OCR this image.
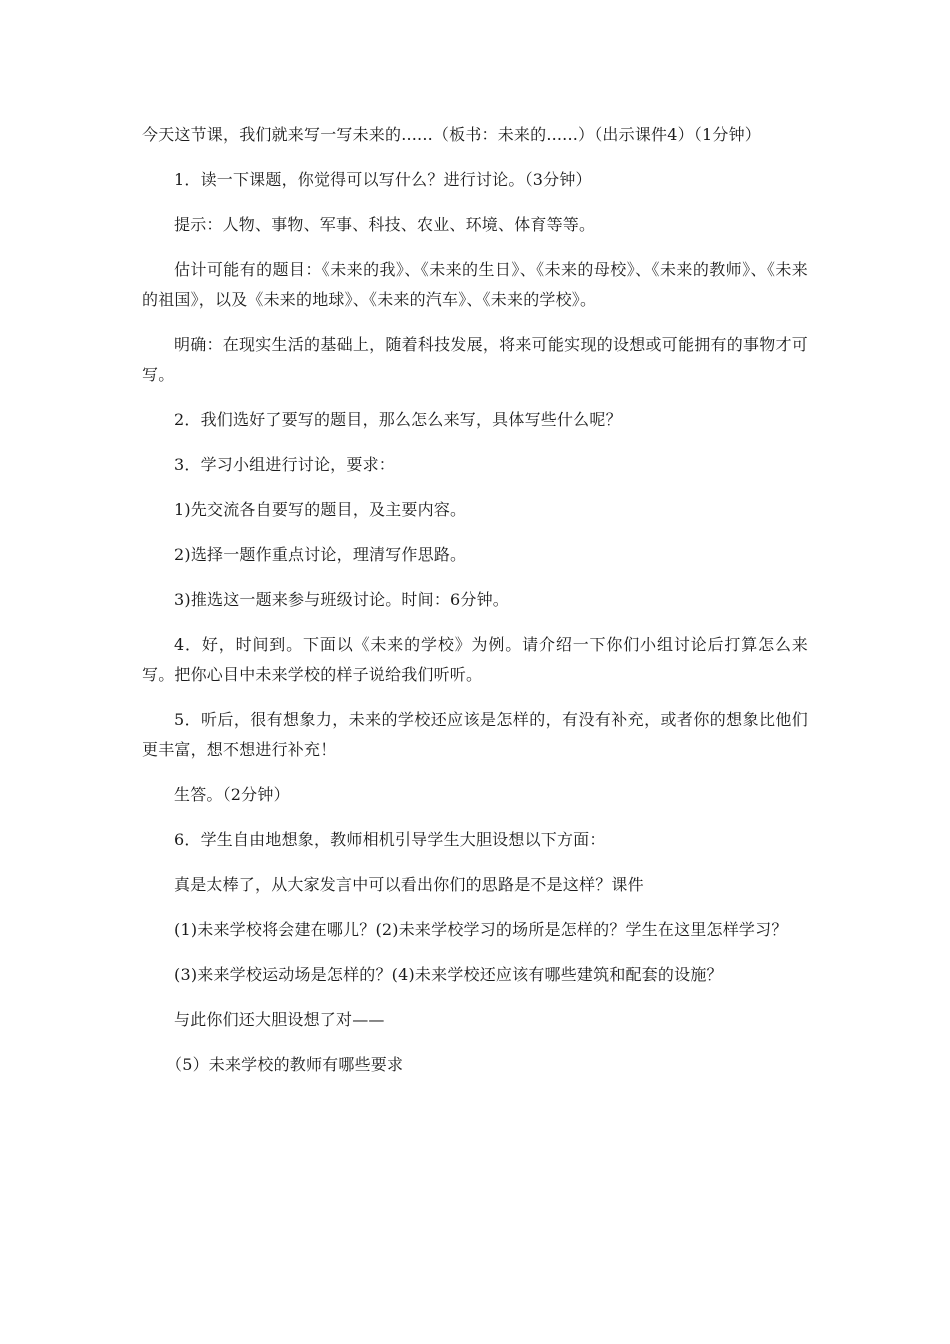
今天这节课，我们就来写一写未来的......（板书：未来的......）（出示课件4）（1分钟）

1．读一下课题，你觉得可以写什么？进行讨论。（3分钟）

提示：人物、事物、军事、科技、农业、环境、体育等等。

估计可能有的题目：《未来的我》、《未来的生日》、《未来的母校》、《未来的教师》、《未来的祖国》，以及《未来的地球》、《未来的汽车》、《未来的学校》。

明确：在现实生活的基础上，随着科技发展，将来可能实现的设想或可能拥有的事物才可写。

2．我们选好了要写的题目，那么怎么来写，具体写些什么呢？

3．学习小组进行讨论，要求：

1)先交流各自要写的题目，及主要内容。

2)选择一题作重点讨论，理清写作思路。

3)推选这一题来参与班级讨论。时间：6分钟。

4．好，时间到。下面以《未来的学校》为例。请介绍一下你们小组讨论后打算怎么来写。把你心目中未来学校的样子说给我们听听。

5．听后，很有想象力，未来的学校还应该是怎样的，有没有补充，或者你的想象比他们更丰富，想不想进行补充！

生答。（2分钟）

6．学生自由地想象，教师相机引导学生大胆设想以下方面：

真是太棒了，从大家发言中可以看出你们的思路是不是这样？课件

(1)未来学校将会建在哪儿？(2)未来学校学习的场所是怎样的？学生在这里怎样学习？

(3)来来学校运动场是怎样的？(4)未来学校还应该有哪些建筑和配套的设施？

与此你们还大胆设想了对——

（5）未来学校的教师有哪些要求
